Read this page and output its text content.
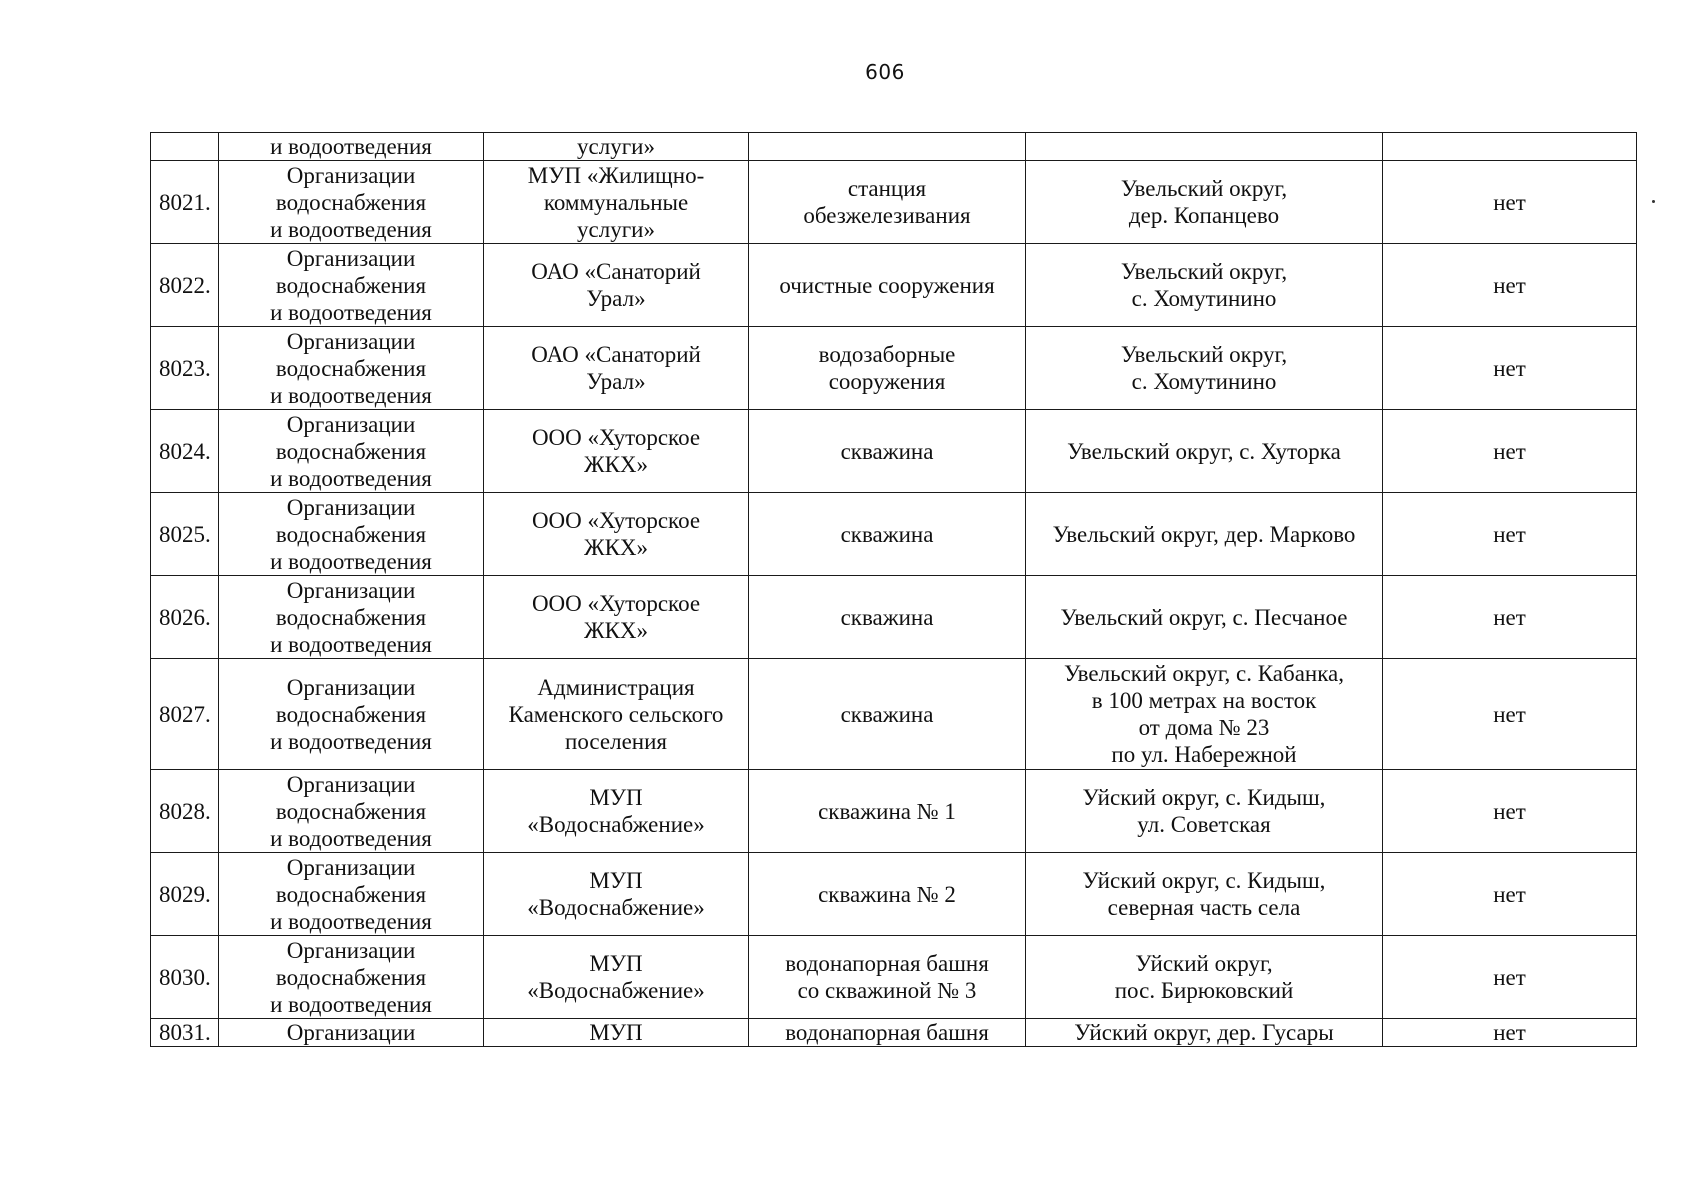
606
	и водоотведения	услуги»			
8021.	Организации
водоснабжения
и водоотведения	МУП «Жилищно-
коммунальные
услуги»	станция
обезжелезивания	Увельский округ,
дер. Копанцево	нет
8022.	Организации
водоснабжения
и водоотведения	ОАО «Санаторий
Урал»	очистные сооружения	Увельский округ,
с. Хомутинино	нет
8023.	Организации
водоснабжения
и водоотведения	ОАО «Санаторий
Урал»	водозаборные
сооружения	Увельский округ,
с. Хомутинино	нет
8024.	Организации
водоснабжения
и водоотведения	ООО «Хуторское
ЖКХ»	скважина	Увельский округ, с. Хуторка	нет
8025.	Организации
водоснабжения
и водоотведения	ООО «Хуторское
ЖКХ»	скважина	Увельский округ, дер. Марково	нет
8026.	Организации
водоснабжения
и водоотведения	ООО «Хуторское
ЖКХ»	скважина	Увельский округ, с. Песчаное	нет
8027.	Организации
водоснабжения
и водоотведения	Администрация
Каменского сельского
поселения	скважина	Увельский округ, с. Кабанка,
в 100 метрах на восток
от дома № 23
по ул. Набережной	нет
8028.	Организации
водоснабжения
и водоотведения	МУП
«Водоснабжение»	скважина № 1	Уйский округ, с. Кидыш,
ул. Советская	нет
8029.	Организации
водоснабжения
и водоотведения	МУП
«Водоснабжение»	скважина № 2	Уйский округ, с. Кидыш,
северная часть села	нет
8030.	Организации
водоснабжения
и водоотведения	МУП
«Водоснабжение»	водонапорная башня
со скважиной № 3	Уйский округ,
пос. Бирюковский	нет
8031.	Организации	МУП	водонапорная башня	Уйский округ, дер. Гусары	нет
